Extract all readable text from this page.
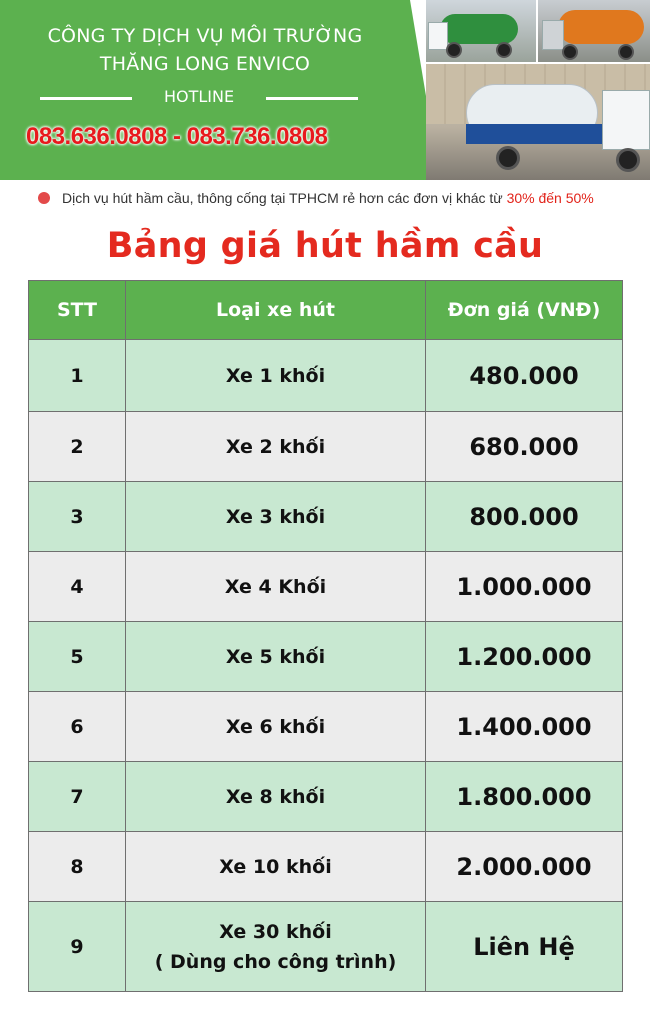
CÔNG TY DỊCH VỤ MÔI TRƯỜNG
THĂNG LONG ENVICO
HOTLINE
083.636.0808 - 083.736.0808
Dịch vụ hút hầm cầu, thông cống tại TPHCM rẻ hơn các đơn vị khác từ 30% đến 50%
Bảng giá hút hầm cầu
STT	Loại xe hút	Đơn giá (VNĐ)
1	Xe 1 khối	480.000
2	Xe 2 khối	680.000
3	Xe 3 khối	800.000
4	Xe 4 Khối	1.000.000
5	Xe 5 khối	1.200.000
6	Xe 6 khối	1.400.000
7	Xe 8 khối	1.800.000
8	Xe 10 khối	2.000.000
9	Xe 30 khối
( Dùng cho công trình)	Liên Hệ
